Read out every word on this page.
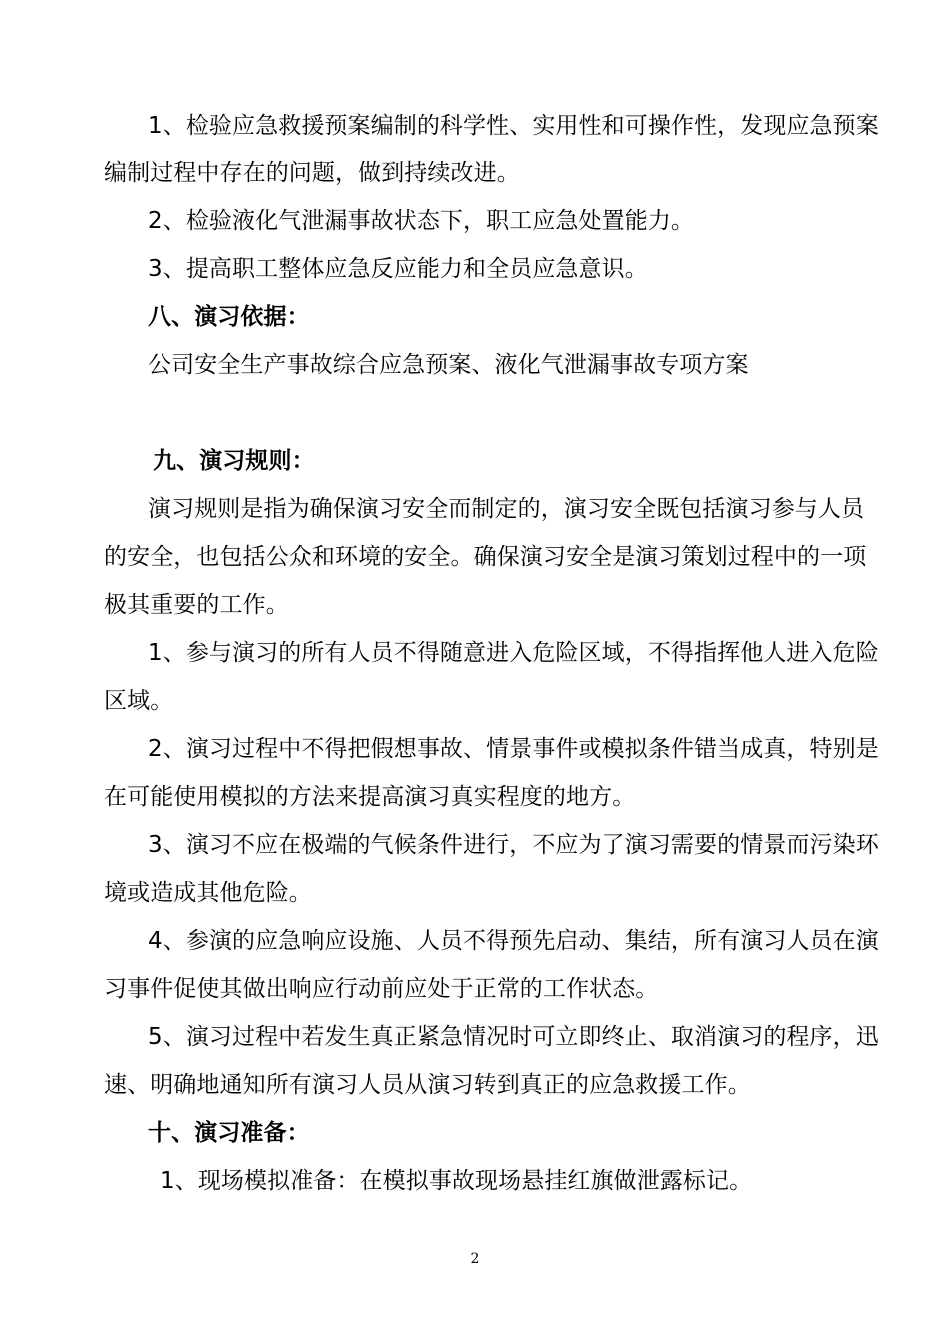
1、检验应急救援预案编制的科学性、实用性和可操作性，发现应急预案
编制过程中存在的问题，做到持续改进。
2、检验液化气泄漏事故状态下，职工应急处置能力。
3、提高职工整体应急反应能力和全员应急意识。
八、演习依据：
公司安全生产事故综合应急预案、液化气泄漏事故专项方案
九、演习规则：
演习规则是指为确保演习安全而制定的，演习安全既包括演习参与人员
的安全，也包括公众和环境的安全。确保演习安全是演习策划过程中的一项
极其重要的工作。
1、参与演习的所有人员不得随意进入危险区域，不得指挥他人进入危险
区域。
2、演习过程中不得把假想事故、情景事件或模拟条件错当成真，特别是
在可能使用模拟的方法来提高演习真实程度的地方。
3、演习不应在极端的气候条件进行，不应为了演习需要的情景而污染环
境或造成其他危险。
4、参演的应急响应设施、人员不得预先启动、集结，所有演习人员在演
习事件促使其做出响应行动前应处于正常的工作状态。
5、演习过程中若发生真正紧急情况时可立即终止、取消演习的程序，迅
速、明确地通知所有演习人员从演习转到真正的应急救援工作。
十、演习准备：
1、现场模拟准备：在模拟事故现场悬挂红旗做泄露标记。
2
